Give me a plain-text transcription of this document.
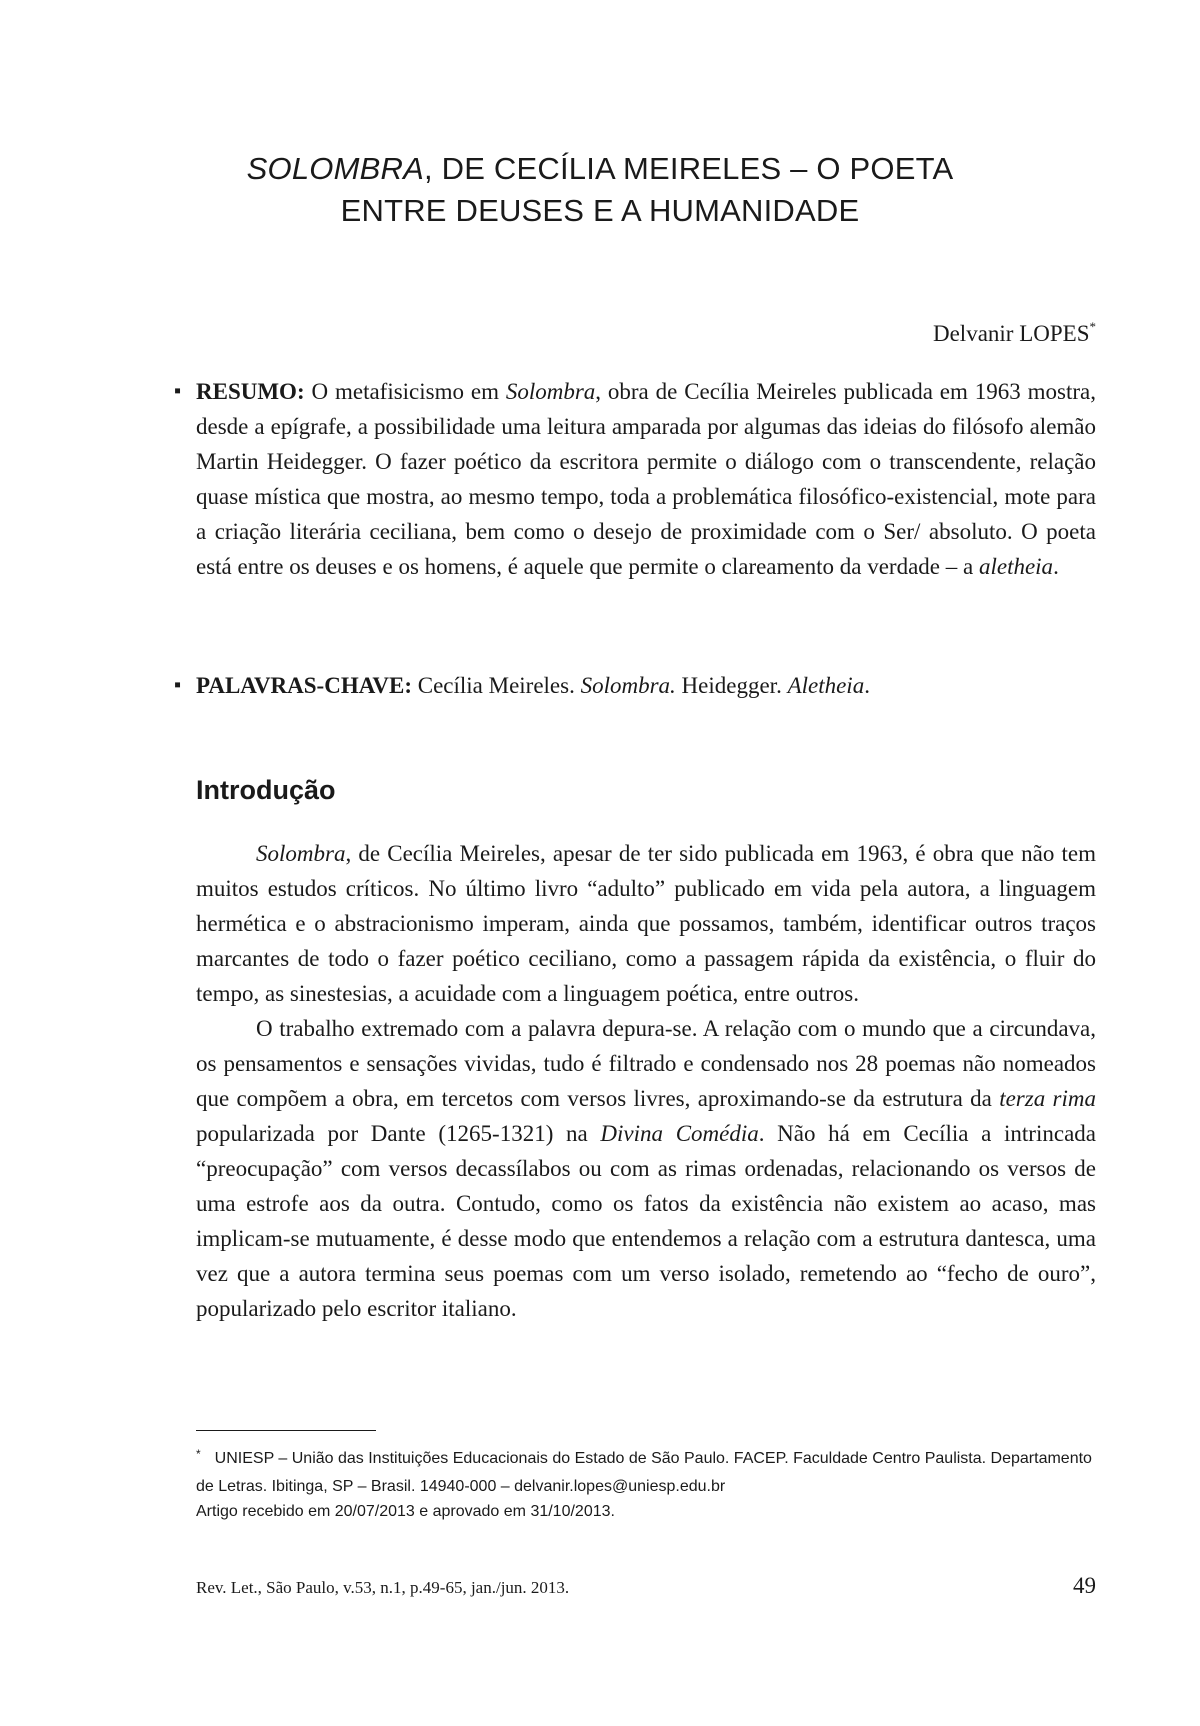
SOLOMBRA, DE CECÍLIA MEIRELES – O POETA
ENTRE DEUSES E A HUMANIDADE
Delvanir LOPES*
▪ RESUMO: O metafisicismo em Solombra, obra de Cecília Meireles publicada em 1963 mostra, desde a epígrafe, a possibilidade uma leitura amparada por algumas das ideias do filósofo alemão Martin Heidegger. O fazer poético da escritora permite o diálogo com o transcendente, relação quase mística que mostra, ao mesmo tempo, toda a problemática filosófico-existencial, mote para a criação literária ceciliana, bem como o desejo de proximidade com o Ser/ absoluto. O poeta está entre os deuses e os homens, é aquele que permite o clareamento da verdade – a aletheia.
▪ PALAVRAS-CHAVE: Cecília Meireles. Solombra. Heidegger. Aletheia.
Introdução

Solombra, de Cecília Meireles, apesar de ter sido publicada em 1963, é obra que não tem muitos estudos críticos. No último livro “adulto” publicado em vida pela autora, a linguagem hermética e o abstracionismo imperam, ainda que possamos, também, identificar outros traços marcantes de todo o fazer poético ceciliano, como a passagem rápida da existência, o fluir do tempo, as sinestesias, a acuidade com a linguagem poética, entre outros.

O trabalho extremado com a palavra depura-se. A relação com o mundo que a circundava, os pensamentos e sensações vividas, tudo é filtrado e condensado nos 28 poemas não nomeados que compõem a obra, em tercetos com versos livres, aproximando-se da estrutura da terza rima popularizada por Dante (1265-1321) na Divina Comédia. Não há em Cecília a intrincada “preocupação” com versos decassílabos ou com as rimas ordenadas, relacionando os versos de uma estrofe aos da outra. Contudo, como os fatos da existência não existem ao acaso, mas implicam-se mutuamente, é desse modo que entendemos a relação com a estrutura dantesca, uma vez que a autora termina seus poemas com um verso isolado, remetendo ao “fecho de ouro”, popularizado pelo escritor italiano.

* UNIESP – União das Instituições Educacionais do Estado de São Paulo. FACEP. Faculdade Centro Paulista. Departamento de Letras. Ibitinga, SP – Brasil. 14940-000 – delvanir.lopes@uniesp.edu.br
Artigo recebido em 20/07/2013 e aprovado em 31/10/2013.
Rev. Let., São Paulo, v.53, n.1, p.49-65, jan./jun. 2013.	49
